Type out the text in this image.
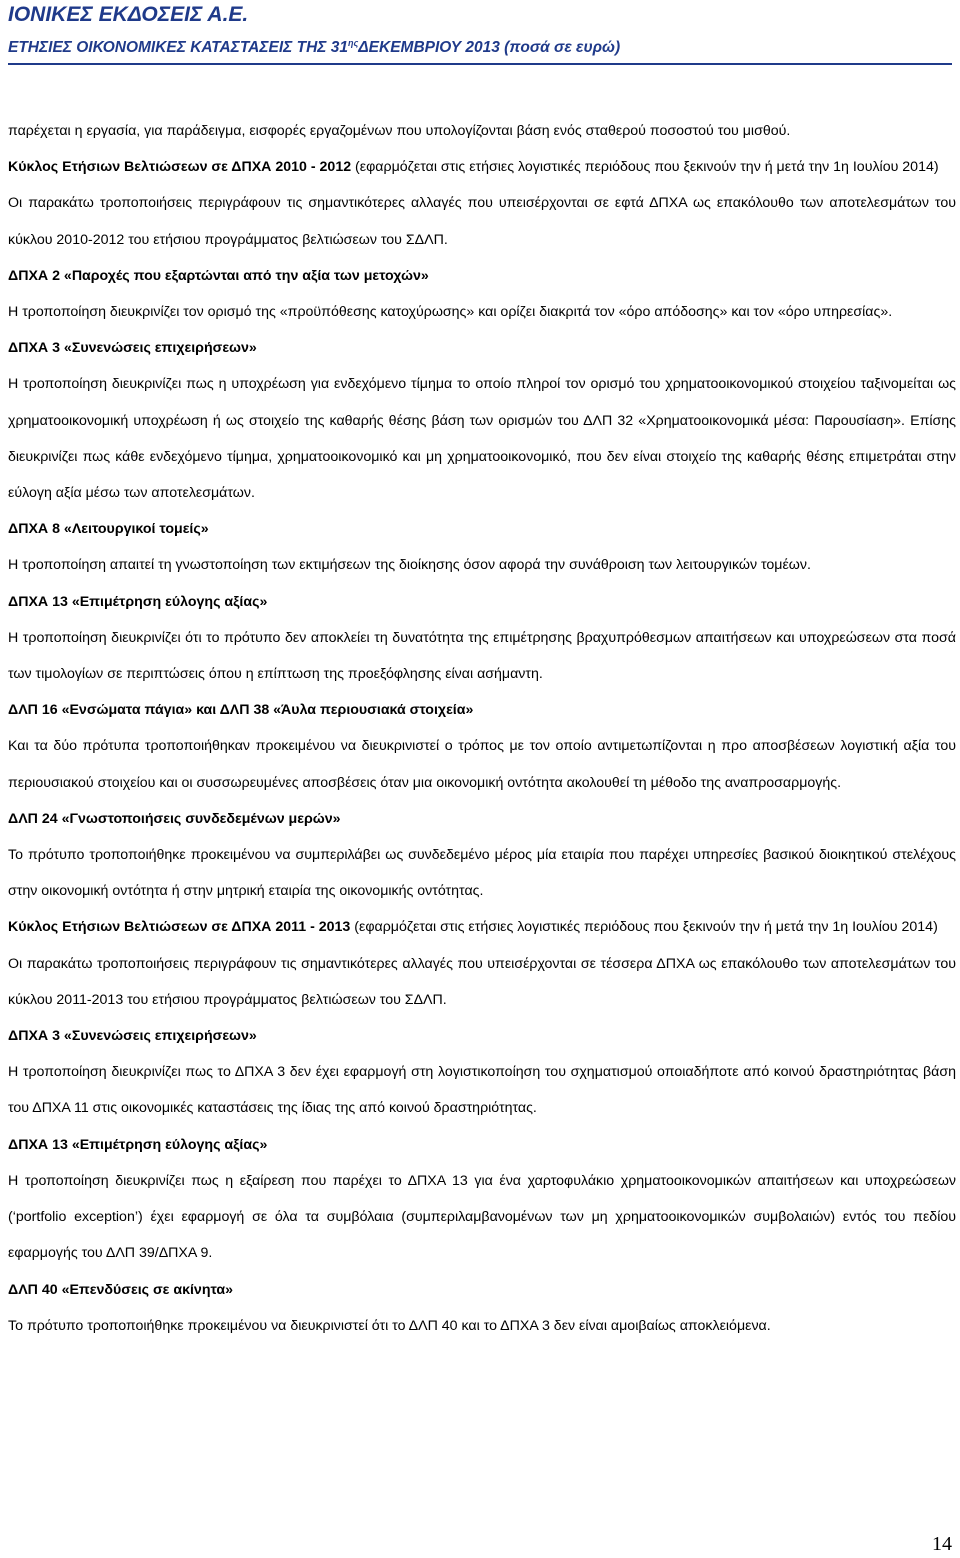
ΙΟΝΙΚΕΣ ΕΚΔΟΣΕΙΣ Α.Ε.
ΕΤΗΣΙΕΣ ΟΙΚΟΝΟΜΙΚΕΣ ΚΑΤΑΣΤΑΣΕΙΣ ΤΗΣ $31^{\eta\varsigma}\Delta EKEMBPIO\Upsilon$ 2013 (ποσά σε ευρώ)

παρέχεται η εργασία, για παράδειγμα, εισφορές εργαζομένων που υπολογίζονται βάση ενός σταθερού ποσοστού του μισθού.

Κύκλος Ετήσιων Βελτιώσεων σε ΔΠΧΑ 2010 - 2012 (εφαρμόζεται στις ετήσιες λογιστικές περιόδους που ξεκινούν την ή μετά την 1η Ιουλίου 2014)

Οι παρακάτω τροποποιήσεις περιγράφουν τις σημαντικότερες αλλαγές που υπεισέρχονται σε εφτά ΔΠΧΑ ως επακόλουθο των αποτελεσμάτων του κύκλου 2010-2012 του ετήσιου προγράμματος βελτιώσεων του ΣΔΛΠ.

ΔΠΧΑ 2 «Παροχές που εξαρτώνται από την αξία των μετοχών»

Η τροποποίηση διευκρινίζει τον ορισμό της «προϋπόθεσης κατοχύρωσης» και ορίζει διακριτά τον «όρο απόδοσης» και τον «όρο υπηρεσίας».

ΔΠΧΑ 3 «Συνενώσεις επιχειρήσεων»

Η τροποποίηση διευκρινίζει πως η υποχρέωση για ενδεχόμενο τίμημα το οποίο πληροί τον ορισμό του χρηματοοικονομικού στοιχείου ταξινομείται ως χρηματοοικονομική υποχρέωση ή ως στοιχείο της καθαρής θέσης βάση των ορισμών του ΔΛΠ 32 «Χρηματοοικονομικά μέσα: Παρουσίαση». Επίσης διευκρινίζει πως κάθε ενδεχόμενο τίμημα, χρηματοοικονομικό και μη χρηματοοικονομικό, που δεν είναι στοιχείο της καθαρής θέσης επιμετράται στην εύλογη αξία μέσω των αποτελεσμάτων.

ΔΠΧΑ 8 «Λειτουργικοί τομείς»

Η τροποποίηση απαιτεί τη γνωστοποίηση των εκτιμήσεων της διοίκησης όσον αφορά την συνάθροιση των λειτουργικών τομέων.

ΔΠΧΑ 13 «Επιμέτρηση εύλογης αξίας»

Η τροποποίηση διευκρινίζει ότι το πρότυπο δεν αποκλείει τη δυνατότητα της επιμέτρησης βραχυπρόθεσμων απαιτήσεων και υποχρεώσεων στα ποσά των τιμολογίων σε περιπτώσεις όπου η επίπτωση της προεξόφλησης είναι ασήμαντη.

ΔΛΠ 16 «Ενσώματα πάγια» και ΔΛΠ 38 «Άυλα περιουσιακά στοιχεία»

Και τα δύο πρότυπα τροποποιήθηκαν προκειμένου να διευκρινιστεί ο τρόπος με τον οποίο αντιμετωπίζονται η προ αποσβέσεων λογιστική αξία του περιουσιακού στοιχείου και οι συσσωρευμένες αποσβέσεις όταν μια οικονομική οντότητα ακολουθεί τη μέθοδο της αναπροσαρμογής.

ΔΛΠ 24 «Γνωστοποιήσεις συνδεδεμένων μερών»

Το πρότυπο τροποποιήθηκε προκειμένου να συμπεριλάβει ως συνδεδεμένο μέρος μία εταιρία που παρέχει υπηρεσίες βασικού διοικητικού στελέχους στην οικονομική οντότητα ή στην μητρική εταιρία της οικονομικής οντότητας.

Κύκλος Ετήσιων Βελτιώσεων σε ΔΠΧΑ 2011 - 2013 (εφαρμόζεται στις ετήσιες λογιστικές περιόδους που ξεκινούν την ή μετά την 1η Ιουλίου 2014)

Οι παρακάτω τροποποιήσεις περιγράφουν τις σημαντικότερες αλλαγές που υπεισέρχονται σε τέσσερα ΔΠΧΑ ως επακόλουθο των αποτελεσμάτων του κύκλου 2011-2013 του ετήσιου προγράμματος βελτιώσεων του ΣΔΛΠ.

ΔΠΧΑ 3 «Συνενώσεις επιχειρήσεων»

Η τροποποίηση διευκρινίζει πως το ΔΠΧΑ 3 δεν έχει εφαρμογή στη λογιστικοποίηση του σχηματισμού οποιαδήποτε από κοινού δραστηριότητας βάση του ΔΠΧΑ 11 στις οικονομικές καταστάσεις της ίδιας της από κοινού δραστηριότητας.

ΔΠΧΑ 13 «Επιμέτρηση εύλογης αξίας»

Η τροποποίηση διευκρινίζει πως η εξαίρεση που παρέχει το ΔΠΧΑ 13 για ένα χαρτοφυλάκιο χρηματοοικονομικών απαιτήσεων και υποχρεώσεων (‘portfolio exception’) έχει εφαρμογή σε όλα τα συμβόλαια (συμπεριλαμβανομένων των μη χρηματοοικονομικών συμβολαιών) εντός του πεδίου εφαρμογής του ΔΛΠ 39/ΔΠΧΑ 9.

ΔΛΠ 40 «Επενδύσεις σε ακίνητα»

Το πρότυπο τροποποιήθηκε προκειμένου να διευκρινιστεί ότι το ΔΛΠ 40 και το ΔΠΧΑ 3 δεν είναι αμοιβαίως αποκλειόμενα.

14
